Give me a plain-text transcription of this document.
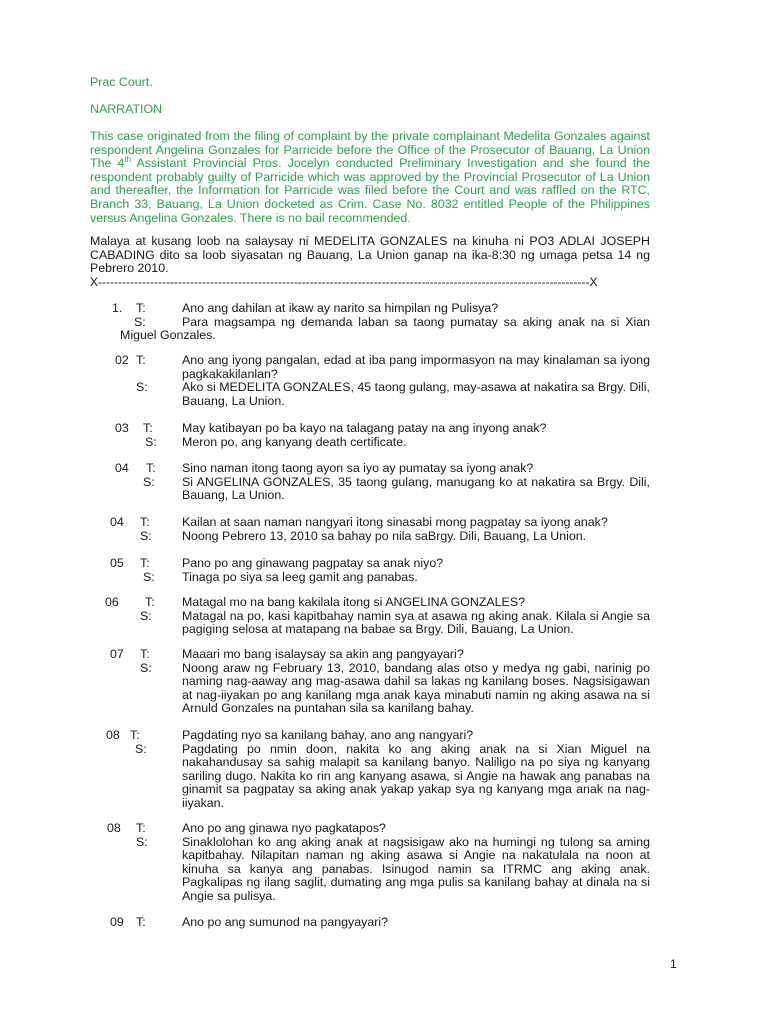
Prac Court.
NARRATION
This case originated from the filing of complaint by the private complainant Medelita Gonzales against respondent Angelina Gonzales for Parricide before the Office of the Prosecutor of Bauang, La Union The 4th Assistant Provincial Pros. Jocelyn conducted Preliminary Investigation and she found the respondent probably guilty of Parricide which was approved by the Provincial Prosecutor of La Union and thereafter, the Information for Parricide was filed before the Court and was raffled on the RTC, Branch 33, Bauang, La Union docketed as Crim. Case No. 8032 entitled People of the Philippines versus Angelina Gonzales. There is no bail recommended.
Malaya at kusang loob na salaysay ni MEDELITA GONZALES na kinuha ni PO3 ADLAI JOSEPH CABADING dito sa loob siyasatan ng Bauang, La Union ganap na ika-8:30 ng umaga petsa 14 ng Pebrero 2010.
X---------------------------------------------------------------------------------------------------------------------------X
1. T:	Ano ang dahilan at ikaw ay narito sa himpilan ng Pulisya?
S:	Para magsampa ng demanda laban sa taong pumatay sa aking anak na si Xian Miguel Gonzales.
02 T:	Ano ang iyong pangalan, edad at iba pang impormasyon na may kinalaman sa iyong pagkakakilanlan?
S:	Ako si MEDELITA GONZALES, 45 taong gulang, may-asawa at nakatira sa Brgy. Dili, Bauang, La Union.
03 T: May katibayan po ba kayo na talagang patay na ang inyong anak?
S: Meron po, ang kanyang death certificate.
04 T: Sino naman itong taong ayon sa iyo ay pumatay sa iyong anak?
S: Si ANGELINA GONZALES, 35 taong gulang, manugang ko at nakatira sa Brgy. Dili, Bauang, La Union.
04 T:	Kailan at saan naman nangyari itong sinasabi mong pagpatay sa iyong anak?
S: Noong Pebrero 13, 2010 sa bahay po nila saBrgy. Dili, Bauang, La Union.
05 T:	Pano po ang ginawang pagpatay sa anak niyo?
S: Tinaga po siya sa leeg gamit ang panabas.
06 T: Matagal mo na bang kakilala itong si ANGELINA GONZALES?
S: Matagal na po, kasi kapitbahay namin sya at asawa ng aking anak. Kilala si Angie sa pagiging selosa at matapang na babae sa Brgy. Dili, Bauang, La Union.
07 T:	Maaari mo bang isalaysay sa akin ang pangyayari?
S: Noong araw ng February 13, 2010, bandang alas otso y medya ng gabi, narinig po naming nag-aaway ang mag-asawa dahil sa lakas ng kanilang boses. Nagsisigawan at nag-iiyakan po ang kanilang mga anak kaya minabuti namin ng aking asawa na si Arnuld Gonzales na puntahan sila sa kanilang bahay.
08 T:	Pagdating nyo sa kanilang bahay, ano ang nangyari?
S:	Pagdating po nmin doon, nakita ko ang aking anak na si Xian Miguel na nakahandusay sa sahig malapit sa kanilang banyo. Naliligo na po siya ng kanyang sariling dugo. Nakita ko rin ang kanyang asawa, si Angie na hawak ang panabas na ginamit sa pagpatay sa aking anak yakap yakap sya ng kanyang mga anak na nag-iiyakan.
08 T:	Ano po ang ginawa nyo pagkatapos?
S:	Sinaklolohan ko ang aking anak at nagsisigaw ako na humingi ng tulong sa aming kapitbahay. Nilapitan naman ng aking asawa si Angie na nakatulala na noon at kinuha sa kanya ang panabas. Isinugod namin sa ITRMC ang aking anak. Pagkalipas ng ilang saglit, dumating ang mga pulis sa kanilang bahay at dinala na si Angie sa pulisya.
09 T:	Ano po ang sumunod na pangyayari?
1
